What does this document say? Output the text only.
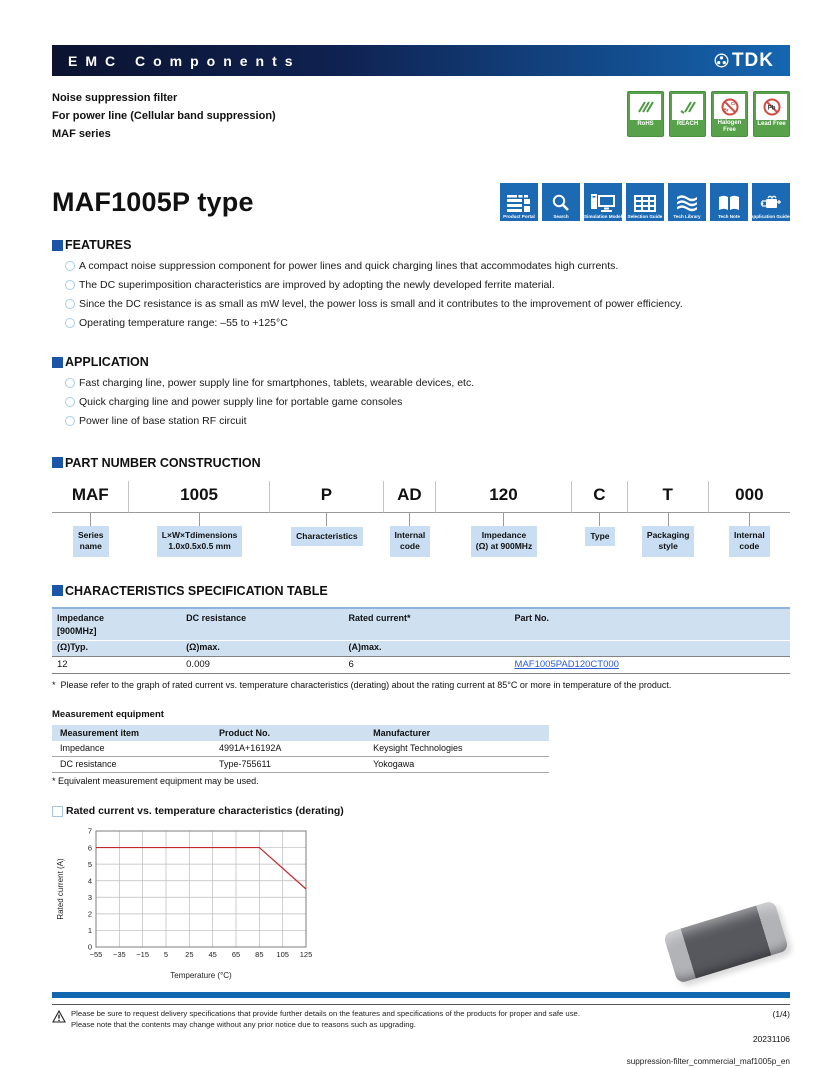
EMC Components	TDK
Noise suppression filter
For power line (Cellular band suppression)
MAF series
RoHS	REACH
Cl
Br
Halogen Free
Pb
Lead Free
MAF1005P type	Product Portal	Search	Simulation Model Selection Guide Tech Library	Tech Note Application Guides
FEATURES
A compact noise suppression component for power lines and quick charging lines that accommodates high currents.
The DC superimposition characteristics are improved by adopting the newly developed ferrite material.
Since the DC resistance is as small as mW level, the power loss is small and it contributes to the improvement of power efficiency.
Operating temperature range: –55 to +125°C
APPLICATION
Fast charging line, power supply line for smartphones, tablets, wearable devices, etc.
Quick charging line and power supply line for portable game consoles
Power line of base station RF circuit
PART NUMBER CONSTRUCTION
MAF
Series
name
1005
L×W×Tdimensions
1.0x0.5x0.5 mm
P
Characteristics
AD
Internal
code
120
Impedance
(Ω) at 900MHz
C
Type
T
Packaging
style
000
Internal
code
CHARACTERISTICS SPECIFICATION TABLE
Impedance
[900MHz]	DC resistance	Rated current*	Part No.
(Ω)Typ.	(Ω)max.	(A)max.	
12	0.009	6	MAF1005PAD120CT000
* Please refer to the graph of rated current vs. temperature characteristics (derating) about the rating current at 85°C or more in temperature of the product.
Measurement equipment
Measurement item	Product No.	Manufacturer
Impedance	4991A+16192A	Keysight Technologies
DC resistance	Type-755611	Yokogawa
* Equivalent measurement equipment may be used.
Rated current vs. temperature characteristics (derating)
−55 −35 −15 5 25 45 65 85 105 125
0
1
2
3
4
5
6
7
Temperature (°C)
Rated current (A)
Please be sure to request delivery specifications that provide further details on the features and specifications of the products for proper and safe use.
Please note that the contents may change without any prior notice due to reasons such as upgrading.
(1/4)
20231106
suppression-filter_commercial_maf1005p_en
